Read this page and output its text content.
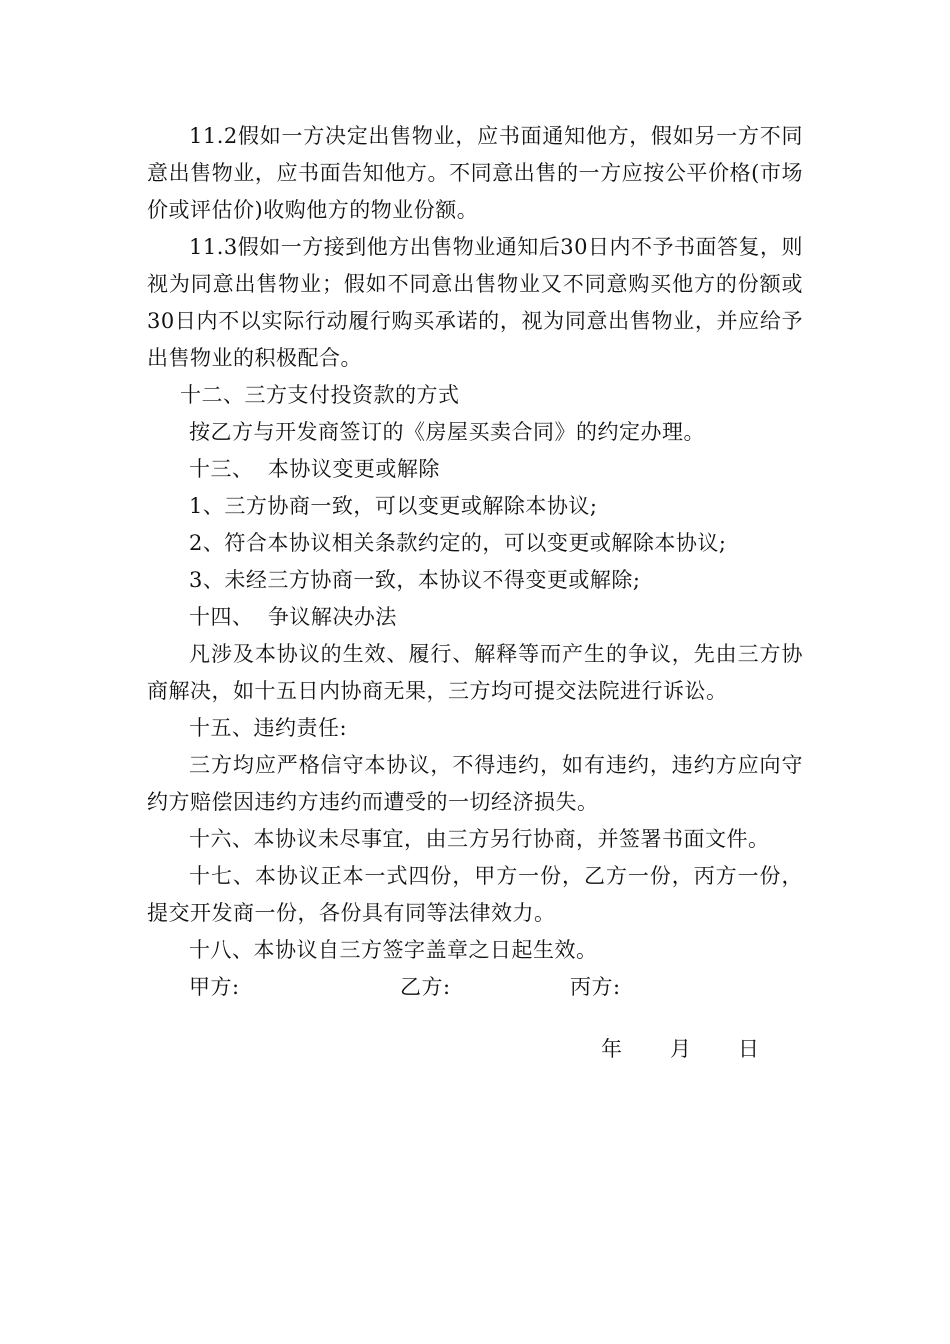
11.2假如一方决定出售物业，应书面通知他方，假如另一方不同意出售物业，应书面告知他方。不同意出售的一方应按公平价格(市场价或评估价)收购他方的物业份额。

11.3假如一方接到他方出售物业通知后30日内不予书面答复，则视为同意出售物业；假如不同意出售物业又不同意购买他方的份额或30日内不以实际行动履行购买承诺的，视为同意出售物业，并应给予出售物业的积极配合。

十二、三方支付投资款的方式

按乙方与开发商签订的《房屋买卖合同》的约定办理。

十三、  本协议变更或解除

1、三方协商一致，可以变更或解除本协议;

2、符合本协议相关条款约定的，可以变更或解除本协议;

3、未经三方协商一致，本协议不得变更或解除;

十四、  争议解决办法

凡涉及本协议的生效、履行、解释等而产生的争议，先由三方协商解决，如十五日内协商无果，三方均可提交法院进行诉讼。

十五、违约责任:

三方均应严格信守本协议，不得违约，如有违约，违约方应向守约方赔偿因违约方违约而遭受的一切经济损失。

十六、本协议未尽事宜，由三方另行协商，并签署书面文件。

十七、本协议正本一式四份，甲方一份，乙方一份，丙方一份，提交开发商一份，各份具有同等法律效力。

十八、本协议自三方签字盖章之日起生效。

甲方:	乙方:	丙方:
年 月 日
